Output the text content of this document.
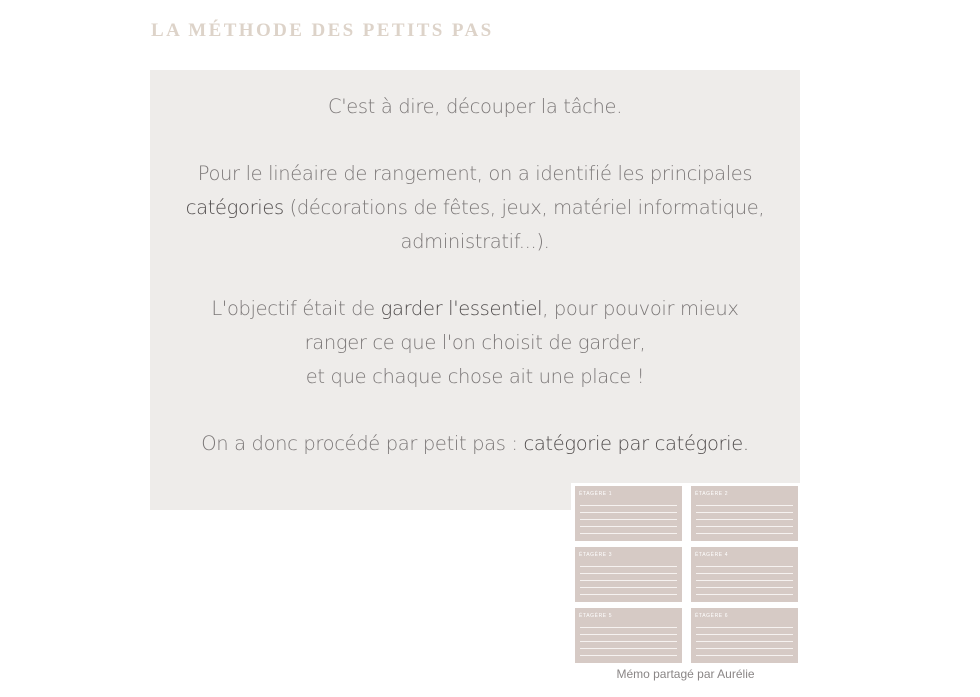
LA MÉTHODE DES PETITS PAS

C'est à dire, découper la tâche.

Pour le linéaire de rangement, on a identifié les principales

catégories (décorations de fêtes, jeux, matériel informatique,

administratif...).

L'objectif était de garder l'essentiel, pour pouvoir mieux

ranger ce que l'on choisit de garder,

et que chaque chose ait une place !

On a donc procédé par petit pas : catégorie par catégorie.

ÉTAGÈRE 1	ÉTAGÈRE 2
ÉTAGÈRE 3	ÉTAGÈRE 4
ÉTAGÈRE 5	ÉTAGÈRE 6
Mémo partagé par Aurélie
